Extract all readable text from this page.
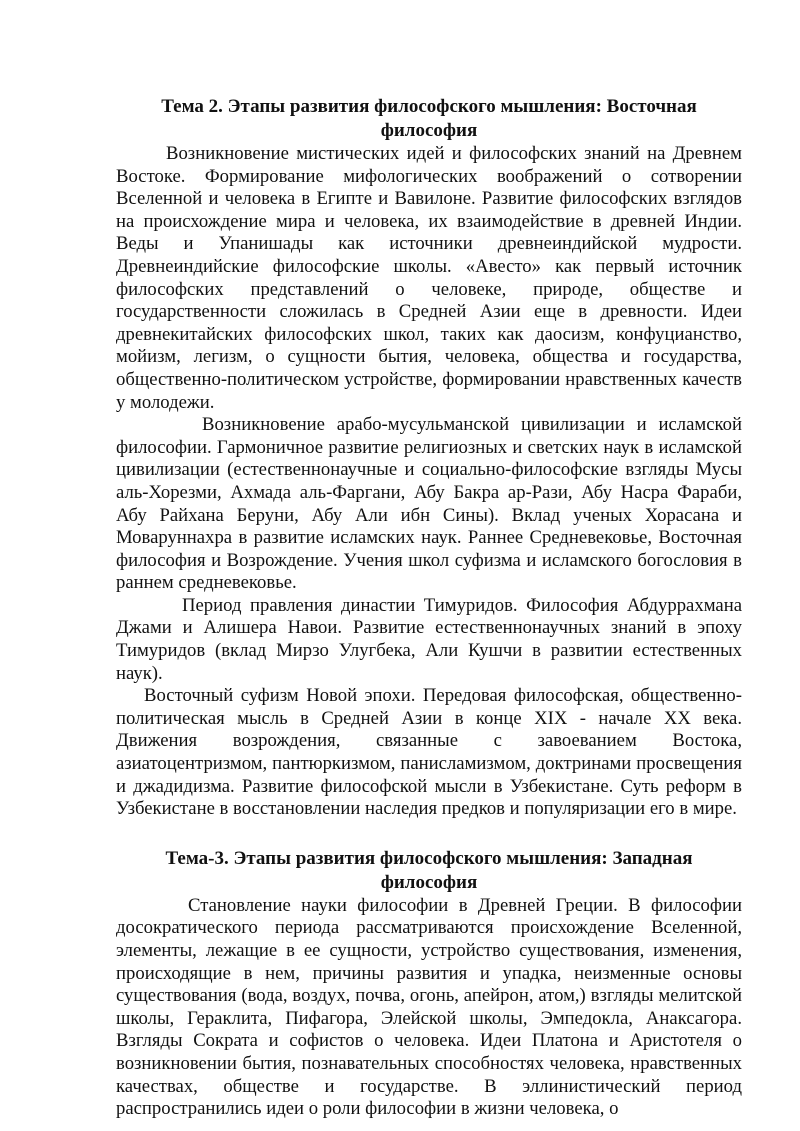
Тема 2. Этапы развития философского мышления: Восточная философия

Возникновение мистических идей и философских знаний на Древнем Востоке. Формирование мифологических воображений о сотворении Вселенной и человека в Египте и Вавилоне. Развитие философских взглядов на происхождение мира и человека, их взаимодействие в древней Индии. Веды и Упанишады как источники древнеиндийской мудрости. Древнеиндийские философские школы. «Авесто» как первый источник философских представлений о человеке, природе, обществе и государственности сложилась в Средней Азии еще в древности. Идеи древнекитайских философских школ, таких как даосизм, конфуцианство, мойизм, легизм, о сущности бытия, человека, общества и государства, общественно-политическом устройстве, формировании нравственных качеств у молодежи.

Возникновение арабо-мусульманской цивилизации и исламской философии. Гармоничное развитие религиозных и светских наук в исламской цивилизации (естественнонаучные и социально-философские взгляды Мусы аль-Хорезми, Ахмада аль-Фаргани, Абу Бакра ар-Рази, Абу Насра Фараби, Абу Райхана Беруни, Абу Али ибн Сины). Вклад ученых Хорасана и Моваруннахра в развитие исламских наук. Раннее Средневековье, Восточная философия и Возрождение. Учения школ суфизма и исламского богословия в раннем средневековье.

Период правления династии Тимуридов. Философия Абдуррахмана Джами и Алишера Навои. Развитие естественнонаучных знаний в эпоху Тимуридов (вклад Мирзо Улугбека, Али Кушчи в развитии естественных наук).

Восточный суфизм Новой эпохи. Передовая философская, общественно-политическая мысль в Средней Азии в конце XIX - начале XX века. Движения возрождения, связанные с завоеванием Востока, азиатоцентризмом, пантюркизмом, панисламизмом, доктринами просвещения и джадидизма. Развитие философской мысли в Узбекистане. Суть реформ в Узбекистане в восстановлении наследия предков и популяризации его в мире.

Тема-3. Этапы развития философского мышления: Западная философия

Становление науки философии в Древней Греции. В философии досократического периода рассматриваются происхождение Вселенной, элементы, лежащие в ее сущности, устройство существования, изменения, происходящие в нем, причины развития и упадка, неизменные основы существования (вода, воздух, почва, огонь, апейрон, атом,) взгляды мелитской школы, Гераклита, Пифагора, Элейской школы, Эмпедокла, Анаксагора. Взгляды Сократа и софистов о человека. Идеи Платона и Аристотеля о возникновении бытия, познавательных способностях человека, нравственных качествах, обществе и государстве. В эллинистический период распространились идеи о роли философии в жизни человека, о
